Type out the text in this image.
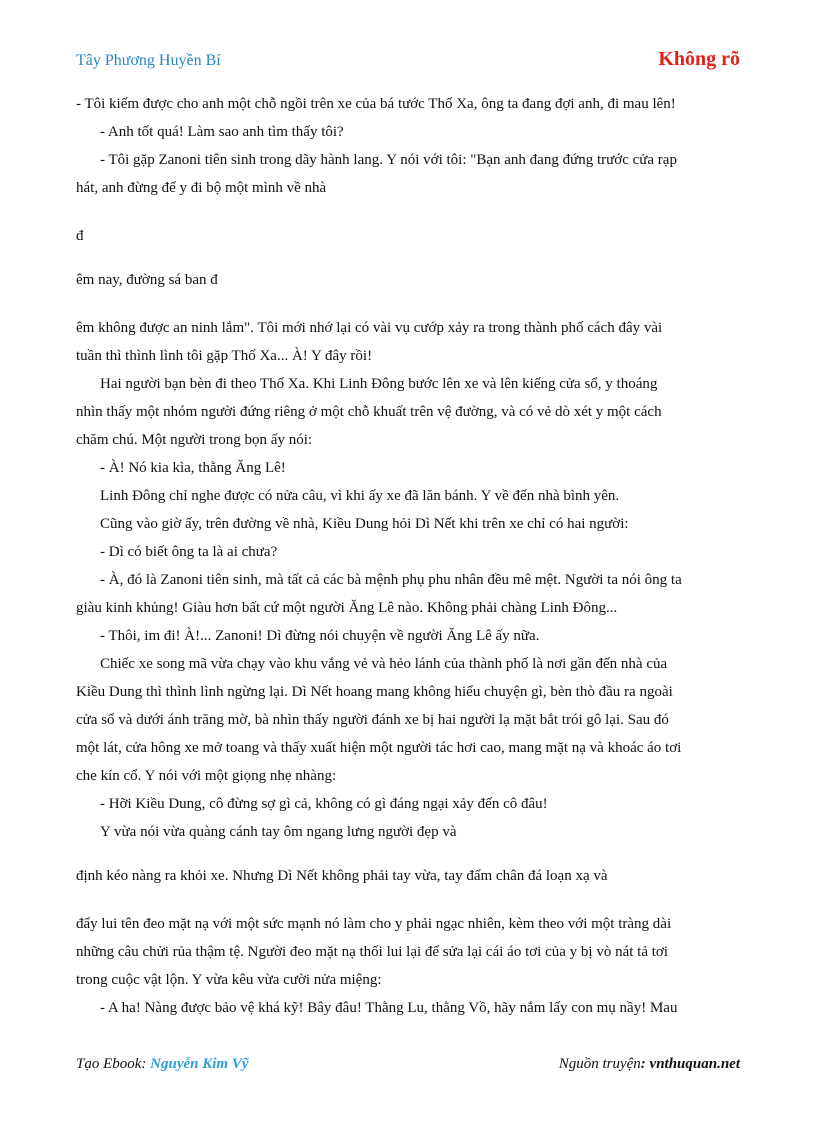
Tây Phương Huyền Bí	Không rõ
- Tôi kiếm được cho anh một chỗ ngồi trên xe của bá tước Thố Xa, ông ta đang đợi anh, đi mau lên!
- Anh tốt quá! Làm sao anh tìm thấy tôi?
- Tôi gặp Zanoni tiên sinh trong dãy hành lang. Y nói với tôi: "Bạn anh đang đứng trước cửa rạp
hát, anh đừng để y đi bộ một mình về nhà
đ
êm nay, đường sá ban đ
êm không được an ninh lắm". Tôi mới nhớ lại có vài vụ cướp xảy ra trong thành phố cách đây vài
tuần thì thình lình tôi gặp Thố Xa... À! Y đây rồi!
Hai người bạn bèn đi theo Thố Xa. Khi Linh Đông bước lên xe và lên kiếng cửa sổ, y thoáng
nhìn thấy một nhóm người đứng riêng ở một chỗ khuất trên vệ đường, và có vẻ dò xét y một cách
chăm chú. Một người trong bọn ấy nói:
- À! Nó kia kìa, thằng Ăng Lê!
Linh Đông chỉ nghe được có nửa câu, vì khi ấy xe đã lăn bánh. Y về đến nhà bình yên.
Cũng vào giờ ấy, trên đường về nhà, Kiều Dung hỏi Dì Nết khi trên xe chỉ có hai người:
- Dì có biết ông ta là ai chưa?
- À, đó là Zanoni tiên sinh, mà tất cả các bà mệnh phụ phu nhân đều mê mệt. Người ta nói ông ta
giàu kinh khủng! Giàu hơn bất cứ một người Ăng Lê nào. Không phải chàng Linh Đông...
- Thôi, im đi! À!... Zanoni! Dì đừng nói chuyện về người Ăng Lê ấy nữa.
Chiếc xe song mã vừa chạy vào khu vắng vẻ và hẻo lánh của thành phố là nơi gần đến nhà của
Kiều Dung thì thình lình ngừng lại. Dì Nết hoang mang không hiểu chuyện gì, bèn thò đầu ra ngoài
cửa sổ và dưới ánh trăng mờ, bà nhìn thấy người đánh xe bị hai người lạ mặt bắt trói gô lại. Sau đó
một lát, cửa hông xe mở toang và thấy xuất hiện một người tác hơi cao, mang mặt nạ và khoác áo tơi
che kín cổ. Y nói với một giọng nhẹ nhàng:
- Hỡi Kiều Dung, cô đừng sợ gì cả, không có gì đáng ngại xảy đến cô đâu!
Y vừa nói vừa quàng cánh tay ôm ngang lưng người đẹp và
định kéo nàng ra khỏi xe. Nhưng Dì Nết không phải tay vừa, tay đấm chân đá loạn xạ và
đẩy lui tên đeo mặt nạ với một sức mạnh nó làm cho y phải ngạc nhiên, kèm theo với một tràng dài
những câu chửi rủa thậm tệ. Người đeo mặt nạ thối lui lại để sửa lại cái áo tơi của y bị vò nát tả tơi
trong cuộc vật lộn. Y vừa kêu vừa cười nửa miệng:
- A ha! Nàng được bảo vệ khá kỹ! Bây đâu! Thằng Lu, thằng Vồ, hãy nắm lấy con mụ nầy! Mau
Tạo Ebook: Nguyễn Kim Vỹ	Nguồn truyện: vnthuquan.net
